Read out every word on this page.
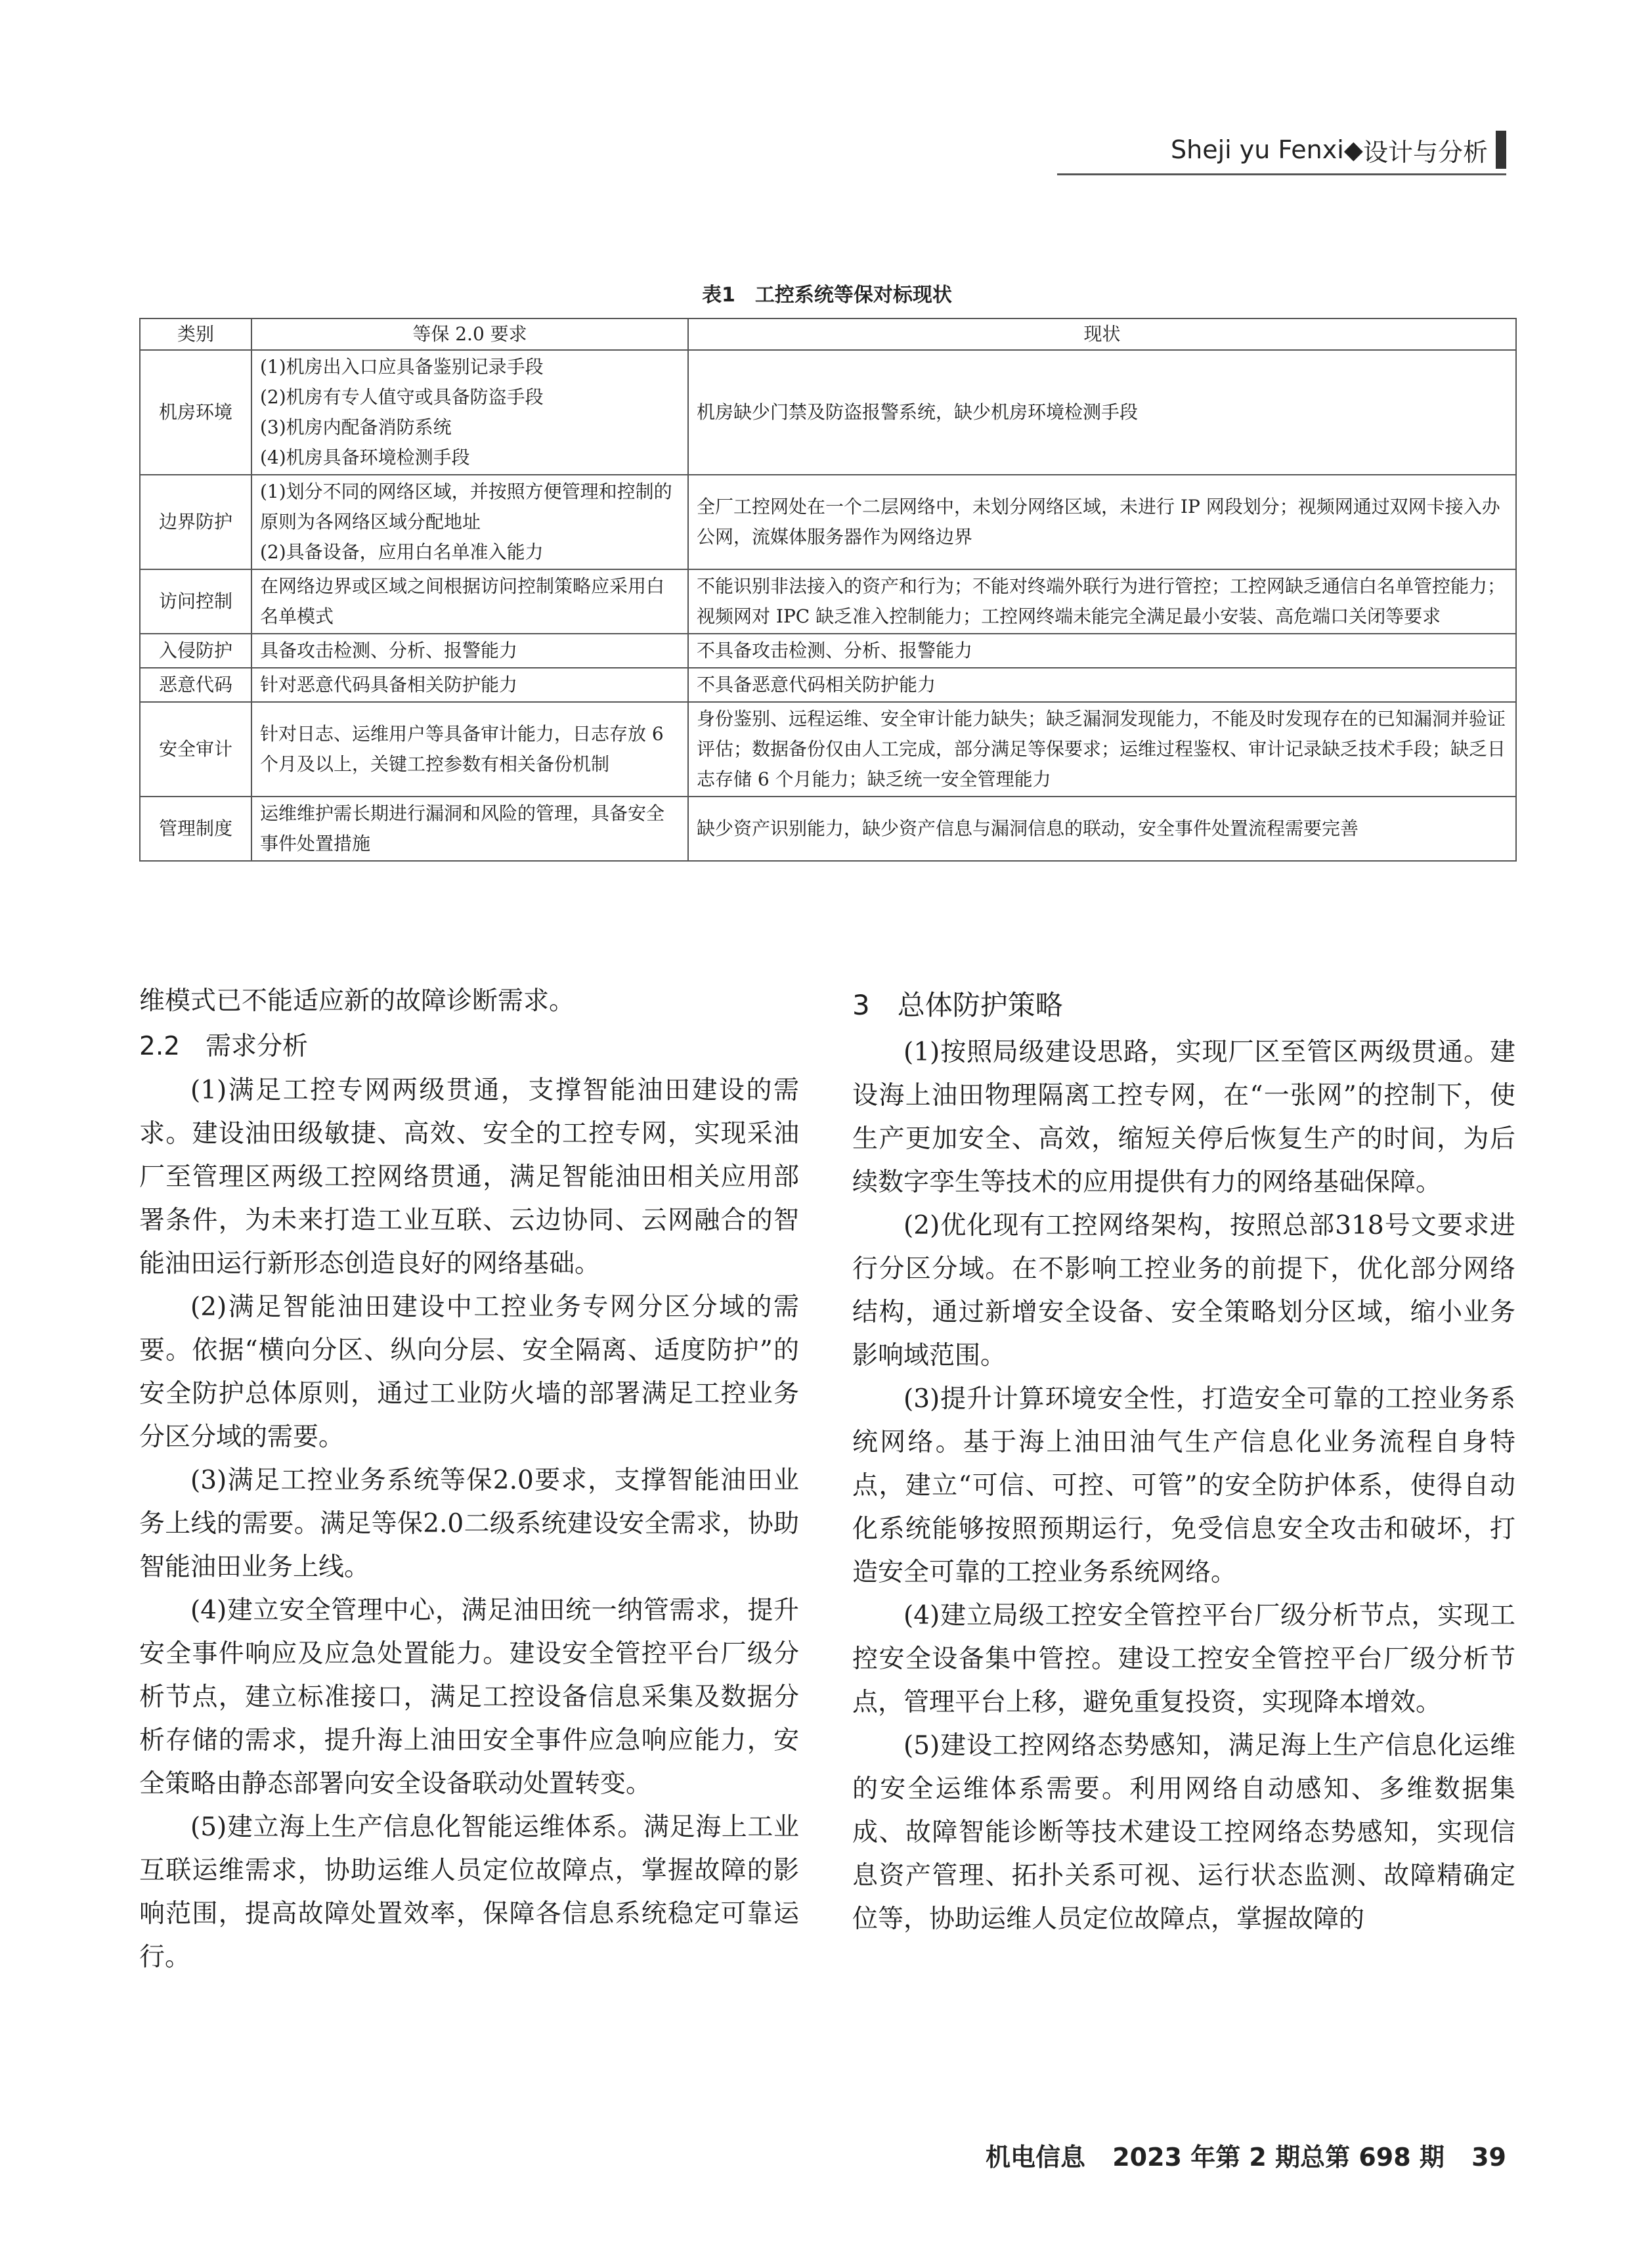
Sheji yu Fenxi ◆ 设计与分析
表1　工控系统等保对标现状
类别	等保 2.0 要求	现状
机房环境	(1)机房出入口应具备鉴别记录手段
(2)机房有专人值守或具备防盗手段
(3)机房内配备消防系统
(4)机房具备环境检测手段	机房缺少门禁及防盗报警系统，缺少机房环境检测手段

边界防护	(1)划分不同的网络区域，并按照方便管理和控制的原则为各网络区域分配地址
(2)具备设备，应用白名单准入能力	全厂工控网处在一个二层网络中，未划分网络区域，未进行 IP 网段划分；视频网通过双网卡接入办公网，流媒体服务器作为网络边界

访问控制	在网络边界或区域之间根据访问控制策略应采用白名单模式	不能识别非法接入的资产和行为；不能对终端外联行为进行管控；工控网缺乏通信白名单管控能力；视频网对 IPC 缺乏准入控制能力；工控网终端未能完全满足最小安装、高危端口关闭等要求

入侵防护	具备攻击检测、分析、报警能力	不具备攻击检测、分析、报警能力

恶意代码	针对恶意代码具备相关防护能力	不具备恶意代码相关防护能力

安全审计	针对日志、运维用户等具备审计能力，日志存放 6 个月及以上，关键工控参数有相关备份机制	身份鉴别、远程运维、安全审计能力缺失；缺乏漏洞发现能力，不能及时发现存在的已知漏洞并验证评估；数据备份仅由人工完成，部分满足等保要求；运维过程鉴权、审计记录缺乏技术手段；缺乏日志存储 6 个月能力；缺乏统一安全管理能力

管理制度	运维维护需长期进行漏洞和风险的管理，具备安全事件处置措施	缺少资产识别能力，缺少资产信息与漏洞信息的联动，安全事件处置流程需要完善

维模式已不能适应新的故障诊断需求。

2.2　需求分析

(1)满足工控专网两级贯通，支撑智能油田建设的需求。建设油田级敏捷、高效、安全的工控专网，实现采油厂至管理区两级工控网络贯通，满足智能油田相关应用部署条件，为未来打造工业互联、云边协同、云网融合的智能油田运行新形态创造良好的网络基础。

(2)满足智能油田建设中工控业务专网分区分域的需要。依据“横向分区、纵向分层、安全隔离、适度防护”的安全防护总体原则，通过工业防火墙的部署满足工控业务分区分域的需要。

(3)满足工控业务系统等保2.0要求，支撑智能油田业务上线的需要。满足等保2.0二级系统建设安全需求，协助智能油田业务上线。

(4)建立安全管理中心，满足油田统一纳管需求，提升安全事件响应及应急处置能力。建设安全管控平台厂级分析节点，建立标准接口，满足工控设备信息采集及数据分析存储的需求，提升海上油田安全事件应急响应能力，安全策略由静态部署向安全设备联动处置转变。

(5)建立海上生产信息化智能运维体系。满足海上工业互联运维需求，协助运维人员定位故障点，掌握故障的影响范围，提高故障处置效率，保障各信息系统稳定可靠运行。

3　总体防护策略

(1)按照局级建设思路，实现厂区至管区两级贯通。建设海上油田物理隔离工控专网，在“一张网”的控制下，使生产更加安全、高效，缩短关停后恢复生产的时间，为后续数字孪生等技术的应用提供有力的网络基础保障。

(2)优化现有工控网络架构，按照总部318号文要求进行分区分域。在不影响工控业务的前提下，优化部分网络结构，通过新增安全设备、安全策略划分区域，缩小业务影响域范围。

(3)提升计算环境安全性，打造安全可靠的工控业务系统网络。基于海上油田油气生产信息化业务流程自身特点，建立“可信、可控、可管”的安全防护体系，使得自动化系统能够按照预期运行，免受信息安全攻击和破坏，打造安全可靠的工控业务系统网络。

(4)建立局级工控安全管控平台厂级分析节点，实现工控安全设备集中管控。建设工控安全管控平台厂级分析节点，管理平台上移，避免重复投资，实现降本增效。

(5)建设工控网络态势感知，满足海上生产信息化运维的安全运维体系需要。利用网络自动感知、多维数据集成、故障智能诊断等技术建设工控网络态势感知，实现信息资产管理、拓扑关系可视、运行状态监测、故障精确定位等，协助运维人员定位故障点，掌握故障的

机电信息 2023 年第 2 期总第 698 期 39
